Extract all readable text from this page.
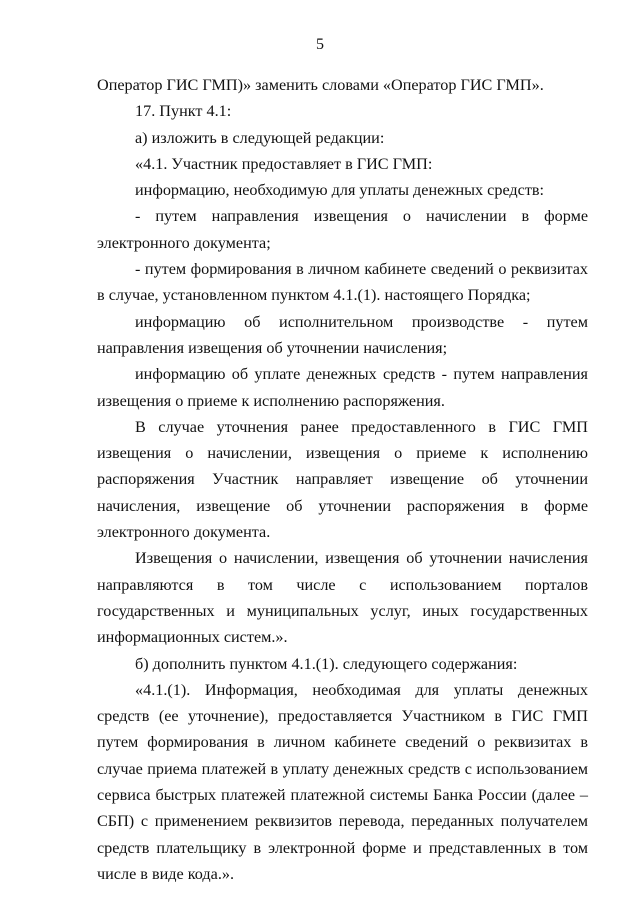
5

Оператор ГИС ГМП)» заменить словами «Оператор ГИС ГМП».

17. Пункт 4.1:

а) изложить в следующей редакции:

«4.1. Участник предоставляет в ГИС ГМП:

информацию, необходимую для уплаты денежных средств:

- путем направления извещения о начислении в форме электронного документа;

- путем формирования в личном кабинете сведений о реквизитах в случае, установленном пунктом 4.1.(1). настоящего Порядка;

информацию об исполнительном производстве - путем направления извещения об уточнении начисления;

информацию об уплате денежных средств - путем направления извещения о приеме к исполнению распоряжения.

В случае уточнения ранее предоставленного в ГИС ГМП извещения о начислении, извещения о приеме к исполнению распоряжения Участник направляет извещение об уточнении начисления, извещение об уточнении распоряжения в форме электронного документа.

Извещения о начислении, извещения об уточнении начисления направляются в том числе с использованием порталов государственных и муниципальных услуг, иных государственных информационных систем.».

б) дополнить пунктом 4.1.(1). следующего содержания:

«4.1.(1). Информация, необходимая для уплаты денежных средств (ее уточнение), предоставляется Участником в ГИС ГМП путем формирования в личном кабинете сведений о реквизитах в случае приема платежей в уплату денежных средств с использованием сервиса быстрых платежей платежной системы Банка России (далее – СБП) с применением реквизитов перевода, переданных получателем средств плательщику в электронной форме и представленных в том числе в виде кода.».
